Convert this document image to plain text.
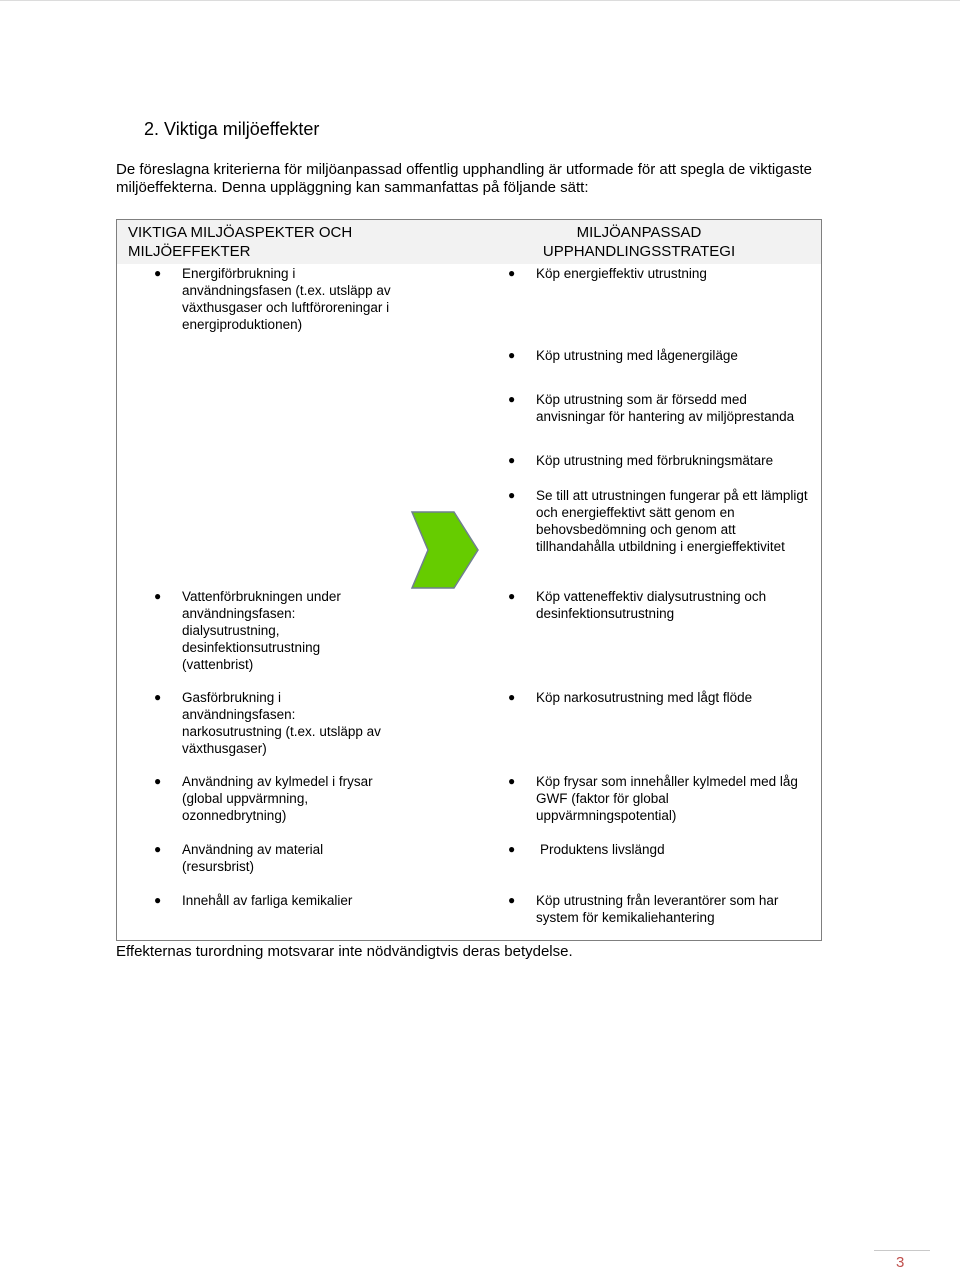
2. Viktiga miljöeffekter

De föreslagna kriterierna för miljöanpassad offentlig upphandling är utformade för att spegla de viktigaste miljöeffekterna. Denna uppläggning kan sammanfattas på följande sätt:

VIKTIGA MILJÖASPEKTER OCH MILJÖEFFEKTER

MILJÖANPASSAD UPPHANDLINGSSTRATEGI

● Energiförbrukning i användningsfasen (t.ex. utsläpp av växthusgaser och luftföroreningar i energiproduktionen)
● Vattenförbrukningen under användningsfasen: dialysutrustning, desinfektionsutrustning (vattenbrist)
● Gasförbrukning i användningsfasen: narkosutrustning (t.ex. utsläpp av växthusgaser)
● Användning av kylmedel i frysar (global uppvärmning, ozonnedbrytning)
● Användning av material (resursbrist)
● Innehåll av farliga kemikalier
● Köp energieffektiv utrustning
● Köp utrustning med lågenergiläge
● Köp utrustning som är försedd med anvisningar för hantering av miljöprestanda
● Köp utrustning med förbrukningsmätare
● Se till att utrustningen fungerar på ett lämpligt och energieffektivt sätt genom en behovsbedömning och genom att tillhandahålla utbildning i energieffektivitet
● Köp vatteneffektiv dialysutrustning och desinfektionsutrustning
● Köp narkosutrustning med lågt flöde
● Köp frysar som innehåller kylmedel med låg GWF (faktor för global uppvärmningspotential)
● Produktens livslängd
● Köp utrustning från leverantörer som har system för kemikaliehantering

Effekternas turordning motsvarar inte nödvändigtvis deras betydelse.

3
